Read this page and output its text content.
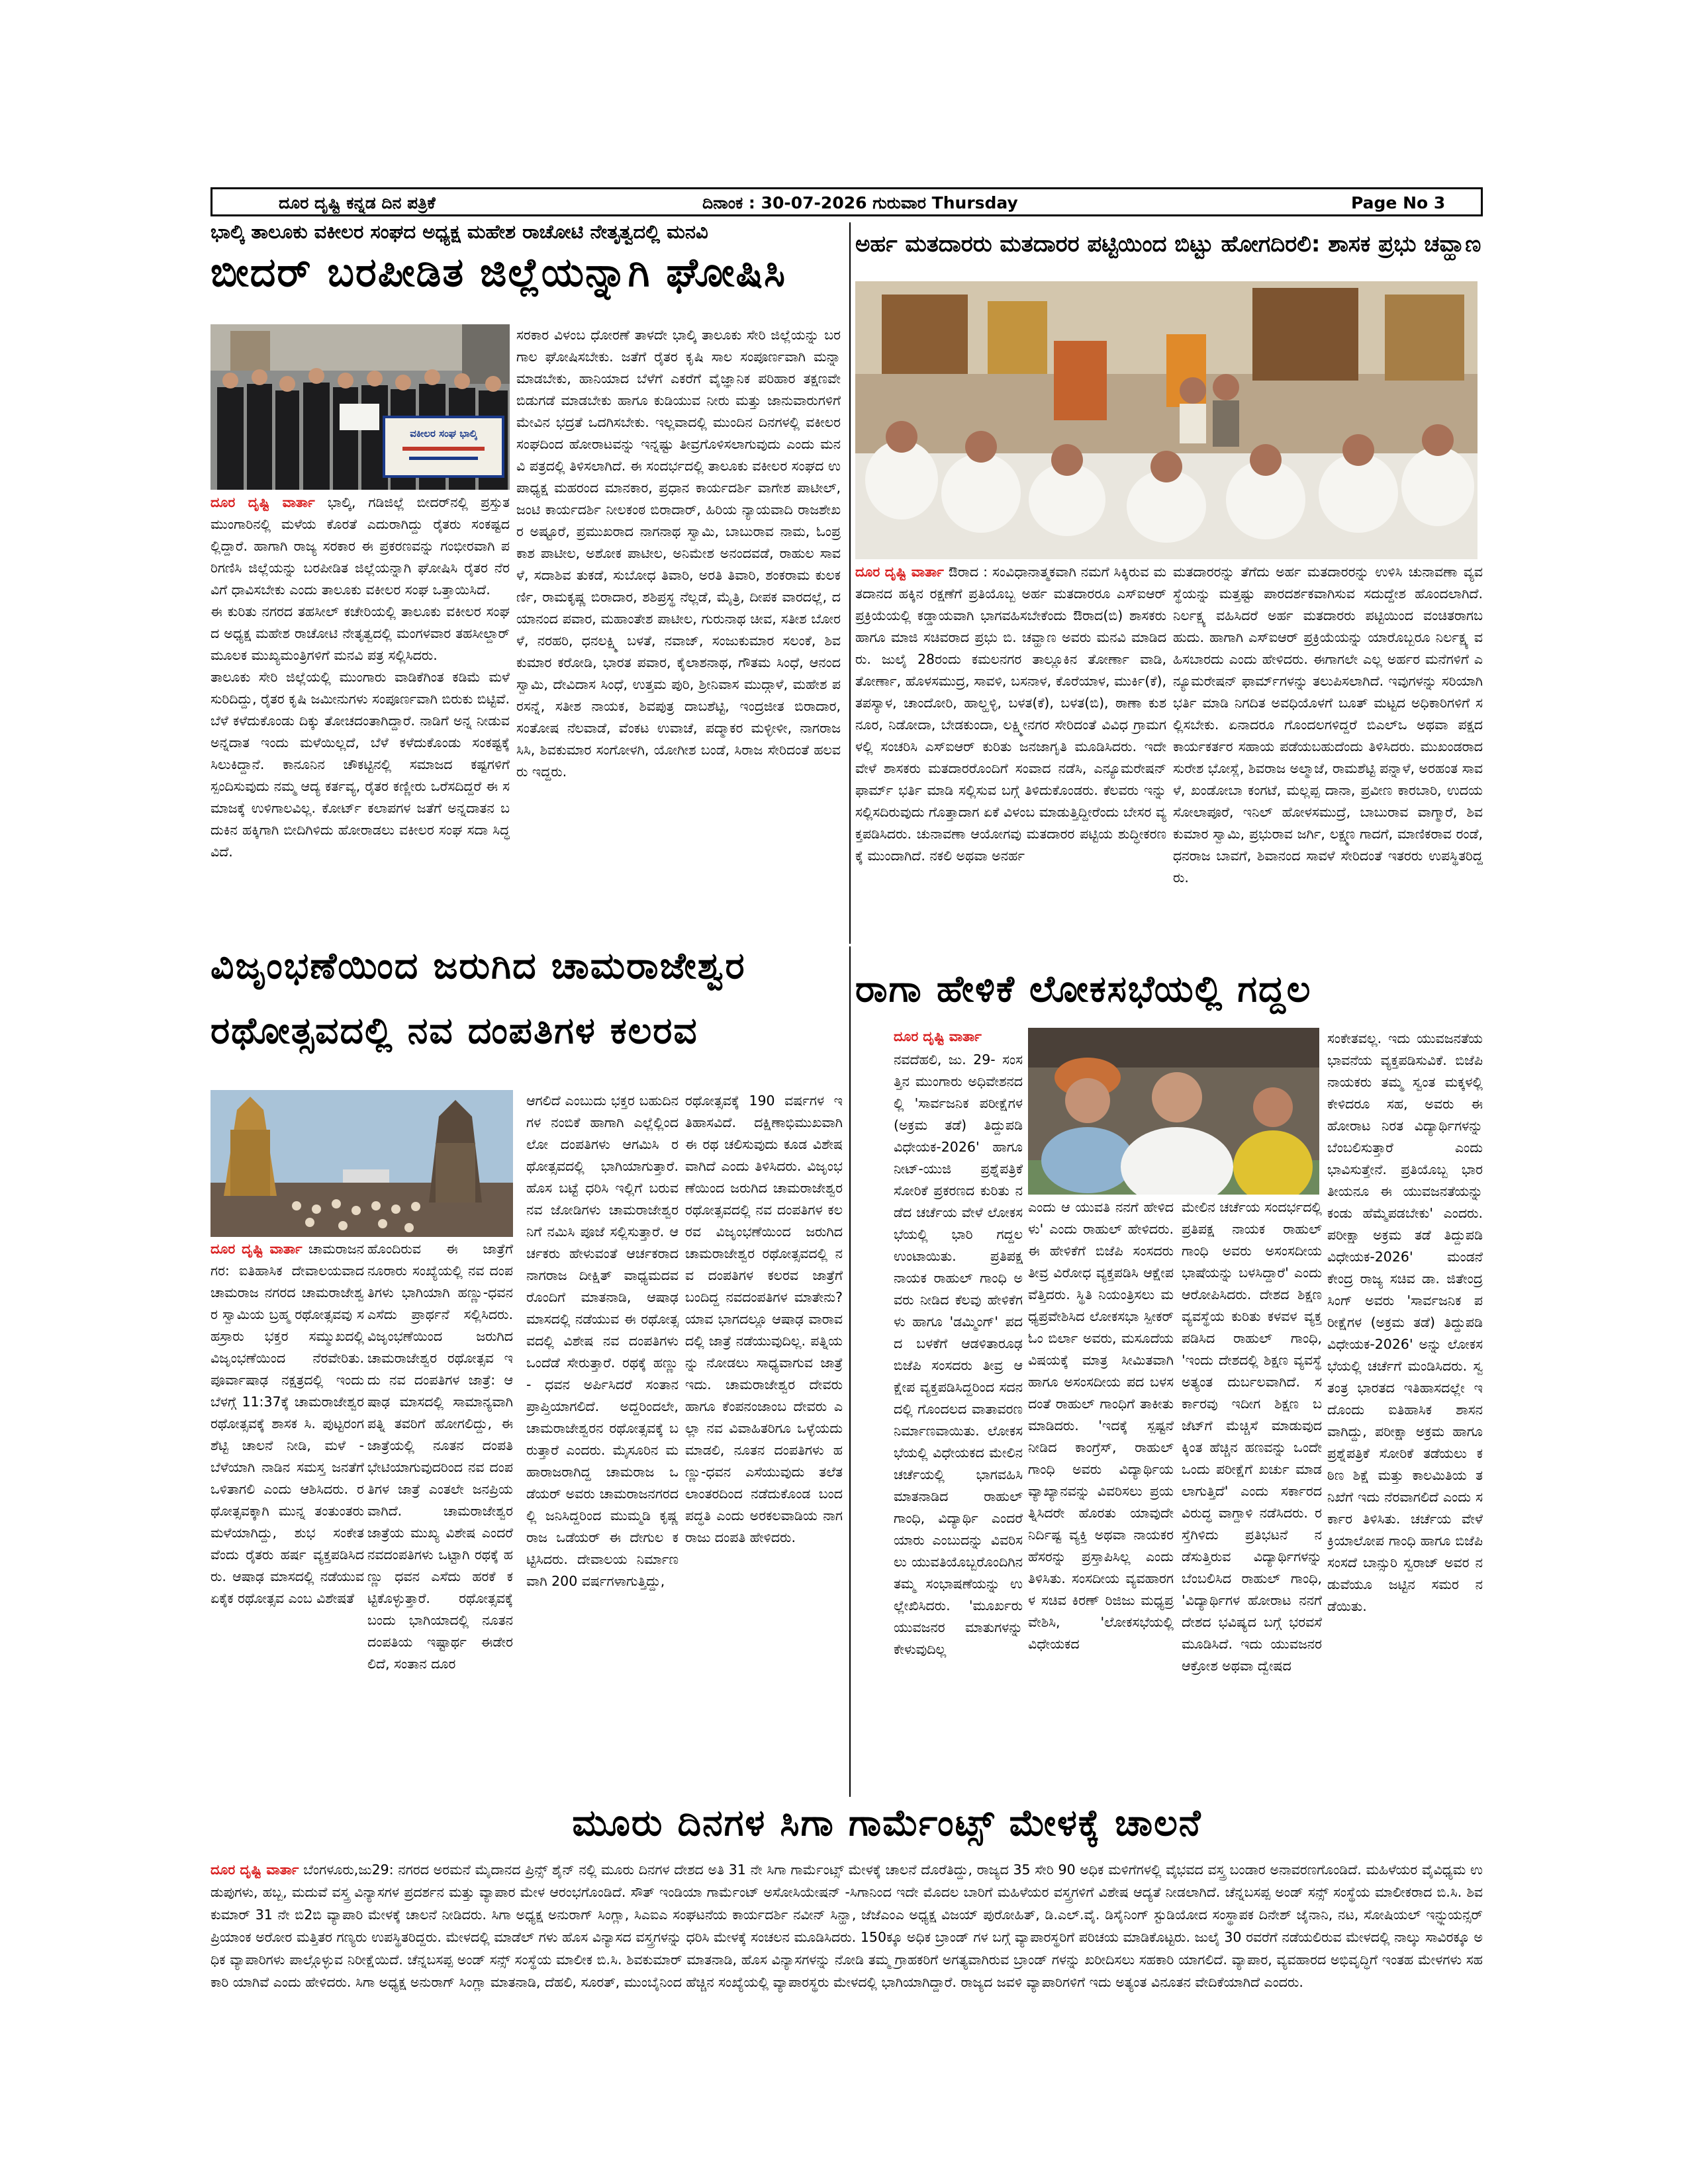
ದೂರ ದೃಷ್ಟಿ ಕನ್ನಡ ದಿನ ಪತ್ರಿಕೆ	ದಿನಾಂಕ : 30-07-2026 ಗುರುವಾರ Thursday	Page No 3
ಭಾಲ್ಕಿ ತಾಲೂಕು ವಕೀಲರ ಸಂಘದ ಅಧ್ಯಕ್ಷ ಮಹೇಶ ರಾಚೋಟಿ ನೇತೃತ್ವದಲ್ಲಿ ಮನವಿ
ಬೀದರ್ ಬರಪೀಡಿತ ಜಿಲ್ಲೆಯನ್ನಾಗಿ ಘೋಷಿಸಿ
ವಕೀಲರ ಸಂಘ ಭಾಲ್ಕಿ

ದೂರ ದೃಷ್ಟಿ ವಾರ್ತಾ ಭಾಲ್ಕಿ, ಗಡಿಜಿಲ್ಲೆ ಬೀದರ್‌ನಲ್ಲಿ ಪ್ರಸ್ತುತ ಮುಂಗಾರಿನಲ್ಲಿ ಮಳೆಯ ಕೊರತೆ ಎದುರಾಗಿದ್ದು ರೈತರು ಸಂಕಷ್ಟದಲ್ಲಿದ್ದಾರೆ. ಹಾಗಾಗಿ ರಾಜ್ಯ ಸರಕಾರ ಈ ಪ್ರಕರಣವನ್ನು ಗಂಭೀರವಾಗಿ ಪರಿಗಣಿಸಿ ಜಿಲ್ಲೆಯನ್ನು ಬರಪೀಡಿತ ಜಿಲ್ಲೆಯನ್ನಾಗಿ ಘೋಷಿಸಿ ರೈತರ ನೆರವಿಗೆ ಧಾವಿಸಬೇಕು ಎಂದು ತಾಲೂಕು ವಕೀಲರ ಸಂಘ ಒತ್ತಾಯಿಸಿದೆ.

ಈ ಕುರಿತು ನಗರದ ತಹಸೀಲ್ ಕಚೇರಿಯಲ್ಲಿ ತಾಲೂಕು ವಕೀಲರ ಸಂಘದ ಅಧ್ಯಕ್ಷ ಮಹೇಶ ರಾಚೋಟಿ ನೇತೃತ್ವದಲ್ಲಿ ಮಂಗಳವಾರ ತಹಸೀಲ್ದಾರ್ ಮೂಲಕ ಮುಖ್ಯಮಂತ್ರಿಗಳಿಗೆ ಮನವಿ ಪತ್ರ ಸಲ್ಲಿಸಿದರು.

ತಾಲೂಕು ಸೇರಿ ಜಿಲ್ಲೆಯಲ್ಲಿ ಮುಂಗಾರು ವಾಡಿಕೆಗಿಂತ ಕಡಿಮೆ ಮಳೆ ಸುರಿದಿದ್ದು, ರೈತರ ಕೃಷಿ ಜಮೀನುಗಳು ಸಂಪೂರ್ಣವಾಗಿ ಬಿರುಕು ಬಿಟ್ಟಿವೆ. ಬೆಳೆ ಕಳೆದುಕೊಂಡು ದಿಕ್ಕು ತೋಚದಂತಾಗಿದ್ದಾರೆ. ನಾಡಿಗೆ ಅನ್ನ ನೀಡುವ ಅನ್ನದಾತ ಇಂದು ಮಳೆಯಿಲ್ಲದೆ, ಬೆಳೆ ಕಳೆದುಕೊಂಡು ಸಂಕಷ್ಟಕ್ಕೆ ಸಿಲುಕಿದ್ದಾನೆ. ಕಾನೂನಿನ ಚೌಕಟ್ಟಿನಲ್ಲಿ ಸಮಾಜದ ಕಷ್ಟಗಳಿಗೆ ಸ್ಪಂದಿಸುವುದು ನಮ್ಮ ಆದ್ಯ ಕರ್ತವ್ಯ, ರೈತರ ಕಣ್ಣೀರು ಒರೆಸದಿದ್ದರೆ ಈ ಸಮಾಜಕ್ಕೆ ಉಳಿಗಾಲವಿಲ್ಲ. ಕೋರ್ಟ್ ಕಲಾಪಗಳ ಜತೆಗೆ ಅನ್ನದಾತನ ಬದುಕಿನ ಹಕ್ಕಿಗಾಗಿ ಬೀದಿಗಿಳಿದು ಹೋರಾಡಲು ವಕೀಲರ ಸಂಘ ಸದಾ ಸಿದ್ಧವಿದೆ.

ಸರಕಾರ ವಿಳಂಬ ಧೋರಣೆ ತಾಳದೇ ಭಾಲ್ಕಿ ತಾಲೂಕು ಸೇರಿ ಜಿಲ್ಲೆಯನ್ನು ಬರಗಾಲ ಘೋಷಿಸಬೇಕು. ಜತೆಗೆ ರೈತರ ಕೃಷಿ ಸಾಲ ಸಂಪೂರ್ಣವಾಗಿ ಮನ್ನಾ ಮಾಡಬೇಕು, ಹಾನಿಯಾದ ಬೆಳೆಗೆ ಎಕರೆಗೆ ವೈಜ್ಞಾನಿಕ ಪರಿಹಾರ ತಕ್ಷಣವೇ ಬಿಡುಗಡೆ ಮಾಡಬೇಕು ಹಾಗೂ ಕುಡಿಯುವ ನೀರು ಮತ್ತು ಜಾನುವಾರುಗಳಿಗೆ ಮೇವಿನ ಭದ್ರತೆ ಒದಗಿಸಬೇಕು. ಇಲ್ಲವಾದಲ್ಲಿ ಮುಂದಿನ ದಿನಗಳಲ್ಲಿ ವಕೀಲರ ಸಂಘದಿಂದ ಹೋರಾಟವನ್ನು ಇನ್ನಷ್ಟು ತೀವ್ರಗೊಳಿಸಲಾಗುವುದು ಎಂದು ಮನವಿ ಪತ್ರದಲ್ಲಿ ತಿಳಿಸಲಾಗಿದೆ. ಈ ಸಂದರ್ಭದಲ್ಲಿ ತಾಲೂಕು ವಕೀಲರ ಸಂಘದ ಉಪಾಧ್ಯಕ್ಷ ಮಹರಂದ ಮಾನಕಾರ, ಪ್ರಧಾನ ಕಾರ್ಯದರ್ಶಿ ವಾಗೇಶ ಪಾಟೀಲ್, ಜಂಟಿ ಕಾರ್ಯದರ್ಶಿ ನೀಲಕಂಠ ಬಿರಾದಾರ್, ಹಿರಿಯ ನ್ಯಾಯವಾದಿ ರಾಜಶೇಖರ ಅಷ್ಟೂರೆ, ಪ್ರಮುಖರಾದ ನಾಗನಾಥ ಸ್ವಾಮಿ, ಬಾಬುರಾವ ನಾಮ, ಓಂಪ್ರಕಾಶ ಪಾಟೀಲ, ಅಶೋಕ ಪಾಟೀಲ, ಅನಿಮೇಶ ಅನಂದವಡೆ, ರಾಹುಲ ಸಾವಳೆ, ಸದಾಶಿವ ತುಕಡೆ, ಸುಬೋಧ ತಿವಾರಿ, ಅರತಿ ತಿವಾರಿ, ಶಂಕರಾಮ ಕುಲಕರ್ಣಿ, ರಾಮಕೃಷ್ಣ ಬಿರಾದಾರ, ಶಶಿಪ್ರಸ್ಥ ನೆಲ್ಲಡೆ, ಮೈತ್ರಿ, ದೀಪಕ ವಾರದಲ್ಲೆ, ದಯಾನಂದ ಪವಾರ, ಮಹಾಂತೇಶ ಪಾಟೀಲ, ಗುರುನಾಥ ಚೀವ, ಸತೀಶ ಬೋರಳೆ, ನರಹರಿ, ಧನಲಕ್ಷ್ಮಿ ಬಳತೆ, ನವಾಜ್, ಸಂಜುಕುಮಾರ ಸಲಂಕೆ, ಶಿವಕುಮಾರ ಕರೋಡಿ, ಭಾರತ ಪವಾರ, ಕೈಲಾಶನಾಥ, ಗೌತಮ ಸಿಂಧೆ, ಆನಂದ ಸ್ವಾಮಿ, ದೇವಿದಾಸ ಸಿಂಧೆ, ಉತ್ತಮ ಪುರಿ, ಶ್ರೀನಿವಾಸ ಮುದ್ಗಾಳೆ, ಮಹೇಶ ಪರಸನ್ನೆ, ಸತೀಶ ನಾಯಕ, ಶಿವಪುತ್ರ ದಾಬಶೆಟ್ಟಿ, ಇಂದ್ರಜೀತ ಬಿರಾದಾರ, ಸಂತೋಷ ನೆಲವಾಡೆ, ವೆಂಕಟ ಉವಾಚೆ, ಪದ್ಮಾಕರ ಮಳ್ಳೀಳೀ, ನಾಗರಾಜ ಸಿಸಿ, ಶಿವಕುಮಾರ ಸಂಗೋಳಗಿ, ಯೋಗೀಶ ಬಂಡೆ, ಸಿರಾಜ ಸೇರಿದಂತೆ ಹಲವರು ಇದ್ದರು.
ಅರ್ಹ ಮತದಾರರು ಮತದಾರರ ಪಟ್ಟಿಯಿಂದ ಬಿಟ್ಟು ಹೋಗದಿರಲಿ: ಶಾಸಕ ಪ್ರಭು ಚವ್ಹಾಣ
ದೂರ ದೃಷ್ಟಿ ವಾರ್ತಾ ಔರಾದ : ಸಂವಿಧಾನಾತ್ಮಕವಾಗಿ ನಮಗೆ ಸಿಕ್ಕಿರುವ ಮತದಾನದ ಹಕ್ಕಿನ ರಕ್ಷಣೆಗೆ ಪ್ರತಿಯೊಬ್ಬ ಅರ್ಹ ಮತದಾರರೂ ಎಸ್‌ಐಆರ್ ಪ್ರಕ್ರಿಯೆಯಲ್ಲಿ ಕಡ್ಡಾಯವಾಗಿ ಭಾಗವಹಿಸಬೇಕೆಂದು ಔರಾದ(ಬಿ) ಶಾಸಕರು ಹಾಗೂ ಮಾಜಿ ಸಚಿವರಾದ ಪ್ರಭು ಬಿ. ಚವ್ಹಾಣ ಅವರು ಮನವಿ ಮಾಡಿದರು. ಜುಲೈ 28ರಂದು ಕಮಲನಗರ ತಾಲ್ಲೂಕಿನ ತೋರ್ಣಾ ವಾಡಿ, ತೋರ್ಣಾ, ಹೊಳಸಮುದ್ರ, ಸಾವಳಿ, ಬಸನಾಳ, ಕೊರೆಯಾಳ, ಮುರ್ಕಿ(ಕೆ), ತಪಸ್ಯಾಳ, ಚಾಂದೋರಿ, ಹಾಲ್ಹಳ್ಳಿ, ಬಳತ(ಕೆ), ಬಳತ(ಬಿ), ಠಾಣಾ ಕುಶನೂರ, ನಿಡೋದಾ, ಬೇಡಕುಂದಾ, ಲಕ್ಷ್ಮೀನಗರ ಸೇರಿದಂತೆ ವಿವಿಧ ಗ್ರಾಮಗಳಲ್ಲಿ ಸಂಚರಿಸಿ ಎಸ್‌ಐಆರ್ ಕುರಿತು ಜನಜಾಗೃತಿ ಮೂಡಿಸಿದರು. ಇದೇ ವೇಳೆ ಶಾಸಕರು ಮತದಾರರೊಂದಿಗೆ ಸಂವಾದ ನಡೆಸಿ, ಎನ್ಯೂಮರೇಷನ್ ಫಾರ್ಮ್ ಭರ್ತಿ ಮಾಡಿ ಸಲ್ಲಿಸುವ ಬಗ್ಗೆ ತಿಳಿದುಕೊಂಡರು. ಕೆಲವರು ಇನ್ನು ಸಲ್ಲಿಸದಿರುವುದು ಗೊತ್ತಾದಾಗ ಏಕೆ ವಿಳಂಬ ಮಾಡುತ್ತಿದ್ದೀರೆಂದು ಬೇಸರ ವ್ಯಕ್ತಪಡಿಸಿದರು. ಚುನಾವಣಾ ಆಯೋಗವು ಮತದಾರರ ಪಟ್ಟಿಯ ಶುದ್ಧೀಕರಣಕ್ಕೆ ಮುಂದಾಗಿದೆ. ನಕಲಿ ಅಥವಾ ಅನರ್ಹ
ಮತದಾರರನ್ನು ತೆಗೆದು ಅರ್ಹ ಮತದಾರರನ್ನು ಉಳಿಸಿ ಚುನಾವಣಾ ವ್ಯವಸ್ಥೆಯನ್ನು ಮತ್ತಷ್ಟು ಪಾರದರ್ಶಕವಾಗಿಸುವ ಸದುದ್ದೇಶ ಹೊಂದಲಾಗಿದೆ. ನಿರ್ಲಕ್ಷ್ಯ ವಹಿಸಿದರೆ ಅರ್ಹ ಮತದಾರರು ಪಟ್ಟಿಯಿಂದ ವಂಚಿತರಾಗಬಹುದು. ಹಾಗಾಗಿ ಎಸ್‌ಐಆರ್ ಪ್ರಕ್ರಿಯೆಯನ್ನು ಯಾರೊಬ್ಬರೂ ನಿರ್ಲಕ್ಷ್ಯ ವಹಿಸಬಾರದು ಎಂದು ಹೇಳಿದರು. ಈಗಾಗಲೇ ಎಲ್ಲ ಅರ್ಹರ ಮನೆಗಳಿಗೆ ಎನ್ಯೂಮರೇಷನ್ ಫಾರ್ಮ್‌ಗಳನ್ನು ತಲುಪಿಸಲಾಗಿದೆ. ಇವುಗಳನ್ನು ಸರಿಯಾಗಿ ಭರ್ತಿ ಮಾಡಿ ನಿಗದಿತ ಅವಧಿಯೊಳಗೆ ಬೂತ್ ಮಟ್ಟದ ಅಧಿಕಾರಿಗಳಿಗೆ ಸಲ್ಲಿಸಬೇಕು. ಏನಾದರೂ ಗೊಂದಲಗಳಿದ್ದರೆ ಬಿಎಲ್‌ಒ ಅಥವಾ ಪಕ್ಷದ ಕಾರ್ಯಕರ್ತರ ಸಹಾಯ ಪಡೆಯಬಹುದೆಂದು ತಿಳಿಸಿದರು. ಮುಖಂಡರಾದ ಸುರೇಶ ಭೋಸ್ಲೆ, ಶಿವರಾಜ ಅಲ್ಮಾಜೆ, ರಾಮಶೆಟ್ಟಿ ಪನ್ನಾಳೆ, ಅರಹಂತ ಸಾವಳೆ, ಖಂಡೋಬಾ ಕಂಗಟೆ, ಮಲ್ಲಪ್ಪ ದಾನಾ, ಪ್ರವೀಣ ಕಾರಬಾರಿ, ಉದಯ ಸೋಲಾಪೂರೆ, ಇನಿಲ್ ಹೋಳಸಮುದ್ರೆ, ಬಾಬುರಾವ ವಾಗ್ಮಾರೆ, ಶಿವಕುಮಾರ ಸ್ವಾಮಿ, ಪ್ರಭುರಾವ ಜರ್ಗಿ, ಲಕ್ಷ್ಮಣ ಗಾದಗೆ, ಮಾಣಿಕರಾವ ರಂಡೆ, ಧನರಾಜ ಬಾವಗೆ, ಶಿವಾನಂದ ಸಾವಳೆ ಸೇರಿದಂತೆ ಇತರರು ಉಪಸ್ಥಿತರಿದ್ದರು.
ವಿಜೃಂಭಣೆಯಿಂದ ಜರುಗಿದ ಚಾಮರಾಜೇಶ್ವರ
ರಥೋತ್ಸವದಲ್ಲಿ ನವ ದಂಪತಿಗಳ ಕಲರವ
ದೂರ ದೃಷ್ಟಿ ವಾರ್ತಾ ಚಾಮರಾಜನಗರ: ಐತಿಹಾಸಿಕ ದೇವಾಲಯವಾದ ಚಾಮರಾಜ ನಗರದ ಚಾಮರಾಜೇಶ್ವರ ಸ್ವಾಮಿಯ ಬ್ರಹ್ಮ ರಥೋತ್ಸವವು ಸಹಸ್ರಾರು ಭಕ್ತರ ಸಮ್ಮುಖದಲ್ಲಿ ವಿಜೃಂಭಣೆಯಿಂದ ನೆರವೇರಿತು. ಪೂರ್ವಾಷಾಢ ನಕ್ಷತ್ರದಲ್ಲಿ ಇಂದು ಬೆಳಗ್ಗೆ 11:37ಕ್ಕೆ ಚಾಮರಾಜೇಶ್ವರ ರಥೋತ್ಸವಕ್ಕೆ ಶಾಸಕ ಸಿ. ಪುಟ್ಟರಂಗಶೆಟ್ಟಿ ಚಾಲನೆ ನೀಡಿ, ಮಳೆ - ಬೆಳೆಯಾಗಿ ನಾಡಿನ ಸಮಸ್ತ ಜನತೆಗೆ ಒಳಿತಾಗಲಿ ಎಂದು ಆಶಿಸಿದರು. ರಥೋತ್ಸವಕ್ಕಾಗಿ ಮುನ್ನ ತಂತುಂತರು ಮಳೆಯಾಗಿದ್ದು, ಶುಭ ಸಂಕೇತವೆಂದು ರೈತರು ಹರ್ಷ ವ್ಯಕ್ತಪಡಿಸಿದರು. ಆಷಾಢ ಮಾಸದಲ್ಲಿ ನಡೆಯುವ ಏಕೈಕ ರಥೋತ್ಸವ ಎಂಬ ವಿಶೇಷತೆ
ಹೊಂದಿರುವ ಈ ಜಾತ್ರೆಗೆ ನೂರಾರು ಸಂಖ್ಯೆಯಲ್ಲಿ ನವ ದಂಪತಿಗಳು ಭಾಗಿಯಾಗಿ ಹಣ್ಣು-ಧವನ ಎಸೆದು ಪ್ರಾರ್ಥನೆ ಸಲ್ಲಿಸಿದರು. ವಿಜೃಂಭಣೆಯಿಂದ ಜರುಗಿದ ಚಾಮರಾಜೇಶ್ವರ ರಥೋತ್ಸವ ಇದು ನವ ದಂಪತಿಗಳ ಜಾತ್ರೆ: ಆಷಾಢ ಮಾಸದಲ್ಲಿ ಸಾಮಾನ್ಯವಾಗಿ ಪತ್ನಿ ತವರಿಗೆ ಹೋಗಲಿದ್ದು, ಈ ಜಾತ್ರೆಯಲ್ಲಿ ನೂತನ ದಂಪತಿ ಭೇಟಿಯಾಗುವುದರಿಂದ ನವ ದಂಪತಿಗಳ ಜಾತ್ರೆ ಎಂತಲೇ ಜನಪ್ರಿಯವಾಗಿದೆ. ಚಾಮರಾಜೇಶ್ವರ ಜಾತ್ರೆಯ ಮುಖ್ಯ ವಿಶೇಷ ಎಂದರೆ ನವದಂಪತಿಗಳು ಒಟ್ಟಾಗಿ ರಥಕ್ಕೆ ಹಣ್ಣು ಧವನ ಎಸೆದು ಹರಕೆ ಕಟ್ಟಿಕೊಳ್ಳುತ್ತಾರೆ. ರಥೋತ್ಸವಕ್ಕೆ ಬಂದು ಭಾಗಿಯಾದಲ್ಲಿ ನೂತನ ದಂಪತಿಯ ಇಷ್ಟಾರ್ಥ ಈಡೇರಲಿದೆ, ಸಂತಾನ ದೂರ
ಆಗಲಿದೆ ಎಂಬುದು ಭಕ್ತರ ಬಹುದಿನಗಳ ನಂಬಿಕೆ ಹಾಗಾಗಿ ಎಲ್ಲೆಲ್ಲಿಂದಲೋ ದಂಪತಿಗಳು ಆಗಮಿಸಿ ರಥೋತ್ಸವದಲ್ಲಿ ಭಾಗಿಯಾಗುತ್ತಾರೆ. ಹೊಸ ಬಟ್ಟೆ ಧರಿಸಿ ಇಲ್ಲಿಗೆ ಬರುವ ನವ ಜೋಡಿಗಳು ಚಾಮರಾಜೇಶ್ವರನಿಗೆ ನಮಿಸಿ ಪೂಜೆ ಸಲ್ಲಿಸುತ್ತಾರೆ. ಆರ್ಚಕರು ಹೇಳುವಂತೆ ಆರ್ಚಕರಾದ ನಾಗರಾಜ ದೀಕ್ಷಿತ್ ವಾಧ್ಯಮದವರೊಂದಿಗೆ ಮಾತನಾಡಿ, ಆಷಾಢ ಮಾಸದಲ್ಲಿ ನಡೆಯುವ ಈ ರಥೋತ್ಸವದಲ್ಲಿ ವಿಶೇಷ ನವ ದಂಪತಿಗಳು ಒಂದೆಡೆ ಸೇರುತ್ತಾರೆ. ರಥಕ್ಕೆ ಹಣ್ಣು - ಧವನ ಅರ್ಪಿಸಿದರೆ ಸಂತಾನ ಪ್ರಾಪ್ತಿಯಾಗಲಿದೆ. ಅದ್ದರಿಂದಲೇ, ಚಾಮರಾಜೇಶ್ವರನ ರಥೋತ್ಸವಕ್ಕೆ ಬರುತ್ತಾರೆ ಎಂದರು. ಮೈಸೂರಿನ ಮಹಾರಾಜರಾಗಿದ್ದ ಚಾಮರಾಜ ಒಡೆಯರ್ ಅವರು ಚಾಮರಾಜನಗರದಲ್ಲಿ ಜನಿಸಿದ್ದರಿಂದ ಮುಮ್ಮಡಿ ಕೃಷ್ಣರಾಜ ಒಡೆಯರ್ ಈ ದೇಗುಲ ಕಟ್ಟಿಸಿದರು. ದೇವಾಲಯ ನಿರ್ಮಾಣವಾಗಿ 200 ವರ್ಷಗಳಾಗುತ್ತಿದ್ದು,
ರಥೋತ್ಸವಕ್ಕೆ 190 ವರ್ಷಗಳ ಇತಿಹಾಸವಿದೆ. ದಕ್ಷಿಣಾಭಿಮುಖವಾಗಿ ಈ ರಥ ಚಲಿಸುವುದು ಕೂಡ ವಿಶೇಷವಾಗಿದೆ ಎಂದು ತಿಳಿಸಿದರು. ವಿಜೃಂಭಣೆಯಿಂದ ಜರುಗಿದ ಚಾಮರಾಜೇಶ್ವರ ರಥೋತ್ಸವದಲ್ಲಿ ನವ ದಂಪತಿಗಳ ಕಲರವ ವಿಜೃಂಭಣೆಯಿಂದ ಜರುಗಿದ ಚಾಮರಾಜೇಶ್ವರ ರಥೋತ್ಸವದಲ್ಲಿ ನವ ದಂಪತಿಗಳ ಕಲರವ ಜಾತ್ರೆಗೆ ಬಂದಿದ್ದ ನವದಂಪತಿಗಳ ಮಾತೇನು? ಯಾವ ಭಾಗದಲ್ಲೂ ಆಷಾಢ ವಾರಾವದಲ್ಲಿ ಜಾತ್ರೆ ನಡೆಯುವುದಿಲ್ಲ. ಪತ್ನಿಯನ್ನು ನೋಡಲು ಸಾಧ್ಯವಾಗುವ ಜಾತ್ರೆ ಇದು. ಚಾಮರಾಜೇಶ್ವರ ದೇವರು ಹಾಗೂ ಕೆಂಪನಂಜಾಂಬ ದೇವರು ಎಲ್ಲಾ ನವ ವಿವಾಹಿತರಿಗೂ ಒಳ್ಳೆಯದು ಮಾಡಲಿ, ನೂತನ ದಂಪತಿಗಳು ಹಣ್ಣು-ಧವನ ಎಸೆಯುವುದು ತಲೆತಲಾಂತರದಿಂದ ನಡೆದುಕೊಂಡ ಬಂದ ಪದ್ಧತಿ ಎಂದು ಅರಕಲವಾಡಿಯ ನಾಗರಾಜು ದಂಪತಿ ಹೇಳಿದರು.
ರಾಗಾ ಹೇಳಿಕೆ ಲೋಕಸಭೆಯಲ್ಲಿ ಗದ್ದಲ
ದೂರ ದೃಷ್ಟಿ ವಾರ್ತಾ
ನವದೆಹಲಿ, ಜು. 29- ಸಂಸತ್ತಿನ ಮುಂಗಾರು ಅಧಿವೇಶನದಲ್ಲಿ 'ಸಾರ್ವಜನಿಕ ಪರೀಕ್ಷೆಗಳ (ಅಕ್ರಮ ತಡೆ) ತಿದ್ದುಪಡಿ ವಿಧೇಯಕ-2026' ಹಾಗೂ ನೀಟ್-ಯುಜಿ ಪ್ರಶ್ನೆಪತ್ರಿಕೆ ಸೋರಿಕೆ ಪ್ರಕರಣದ ಕುರಿತು ನಡೆದ ಚರ್ಚೆಯ ವೇಳೆ ಲೋಕಸಭೆಯಲ್ಲಿ ಭಾರಿ ಗದ್ದಲ ಉಂಟಾಯಿತು. ಪ್ರತಿಪಕ್ಷ ನಾಯಕ ರಾಹುಲ್ ಗಾಂಧಿ ಅವರು ನೀಡಿದ ಕೆಲವು ಹೇಳಿಕೆಗಳು ಹಾಗೂ 'ಡಮ್ಮಿಂಗ್' ಪದದ ಬಳಕೆಗೆ ಆಡಳಿತಾರೂಢ ಬಿಜೆಪಿ ಸಂಸದರು ತೀವ್ರ ಆಕ್ಷೇಪ ವ್ಯಕ್ತಪಡಿಸಿದ್ದರಿಂದ ಸದನದಲ್ಲಿ ಗೊಂದಲದ ವಾತಾವರಣ ನಿರ್ಮಾಣವಾಯಿತು. ಲೋಕಸಭೆಯಲ್ಲಿ ವಿಧೇಯಕದ ಮೇಲಿನ ಚರ್ಚೆಯಲ್ಲಿ ಭಾಗವಹಿಸಿ ಮಾತನಾಡಿದ ರಾಹುಲ್ ಗಾಂಧಿ, ವಿದ್ಯಾರ್ಥಿ ಎಂದರೆ ಯಾರು ಎಂಬುದನ್ನು ವಿವರಿಸಲು ಯುವತಿಯೊಬ್ಬರೊಂದಿಗಿನ ತಮ್ಮ ಸಂಭಾಷಣೆಯನ್ನು ಉಲ್ಲೇಖಿಸಿದರು. 'ಮೂರ್ಖರು ಯುವಜನರ ಮಾತುಗಳನ್ನು ಕೇಳುವುದಿಲ್ಲ
ಎಂದು ಆ ಯುವತಿ ನನಗೆ ಹೇಳಿದಳು' ಎಂದು ರಾಹುಲ್ ಹೇಳಿದರು. ಈ ಹೇಳಿಕೆಗೆ ಬಿಜೆಪಿ ಸಂಸದರು ತೀವ್ರ ವಿರೋಧ ವ್ಯಕ್ತಪಡಿಸಿ ಆಕ್ಷೇಪವೆತ್ತಿದರು. ಸ್ಥಿತಿ ನಿಯಂತ್ರಿಸಲು ಮಧ್ಯಪ್ರವೇಶಿಸಿದ ಲೋಕಸಭಾ ಸ್ಪೀಕರ್ ಓಂ ಬಿರ್ಲಾ ಅವರು, ಮಸೂದೆಯ ವಿಷಯಕ್ಕೆ ಮಾತ್ರ ಸೀಮಿತವಾಗಿ ಹಾಗೂ ಅಸಂಸದೀಯ ಪದ ಬಳಸದಂತೆ ರಾಹುಲ್ ಗಾಂಧಿಗೆ ತಾಕೀತು ಮಾಡಿದರು. 'ಇದಕ್ಕೆ ಸ್ಪಷ್ಟನೆ ನೀಡಿದ ಕಾಂಗ್ರೆಸ್, ರಾಹುಲ್ ಗಾಂಧಿ ಅವರು ವಿದ್ಯಾರ್ಥಿಯ ವ್ಯಾಖ್ಯಾನವನ್ನು ವಿವರಿಸಲು ಪ್ರಯತ್ನಿಸಿದರೇ ಹೊರತು ಯಾವುದೇ ನಿರ್ದಿಷ್ಟ ವ್ಯಕ್ತಿ ಅಥವಾ ನಾಯಕರ ಹೆಸರನ್ನು ಪ್ರಸ್ತಾಪಿಸಿಲ್ಲ ಎಂದು ತಿಳಿಸಿತು. ಸಂಸದೀಯ ವ್ಯವಹಾರಗಳ ಸಚಿವ ಕಿರಣ್ ರಿಜಿಜು ಮಧ್ಯಪ್ರವೇಶಿಸಿ, 'ಲೋಕಸಭೆಯಲ್ಲಿ ವಿಧೇಯಕದ
ಮೇಲಿನ ಚರ್ಚೆಯ ಸಂದರ್ಭದಲ್ಲಿ ಪ್ರತಿಪಕ್ಷ ನಾಯಕ ರಾಹುಲ್ ಗಾಂಧಿ ಅವರು ಅಸಂಸದೀಯ ಭಾಷೆಯನ್ನು ಬಳಸಿದ್ದಾರೆ' ಎಂದು ಆರೋಪಿಸಿದರು. ದೇಶದ ಶಿಕ್ಷಣ ವ್ಯವಸ್ಥೆಯ ಕುರಿತು ಕಳವಳ ವ್ಯಕ್ತಪಡಿಸಿದ ರಾಹುಲ್ ಗಾಂಧಿ, 'ಇಂದು ದೇಶದಲ್ಲಿ ಶಿಕ್ಷಣ ವ್ಯವಸ್ಥೆ ಅತ್ಯಂತ ದುರ್ಬಲವಾಗಿದೆ. ಸರ್ಕಾರವು ಇದೀಗ ಶಿಕ್ಷಣ ಬಜೆಟ್‌ಗೆ ಮೆಚ್ಚಿಸೆ ಮಾಡುವುದಕ್ಕಿಂತ ಹೆಚ್ಚಿನ ಹಣವನ್ನು ಒಂದೇ ಒಂದು ಪರೀಕ್ಷೆಗೆ ಖರ್ಚು ಮಾಡಲಾಗುತ್ತಿದೆ' ಎಂದು ಸರ್ಕಾರದ ವಿರುದ್ಧ ವಾಗ್ದಾಳಿ ನಡೆಸಿದರು. ರಸ್ತೆಗಿಳಿದು ಪ್ರತಿಭಟನೆ ನಡೆಸುತ್ತಿರುವ ವಿದ್ಯಾರ್ಥಿಗಳನ್ನು ಬೆಂಬಲಿಸಿದ ರಾಹುಲ್ ಗಾಂಧಿ, 'ವಿದ್ಯಾರ್ಥಿಗಳ ಹೋರಾಟ ನನಗೆ ದೇಶದ ಭವಿಷ್ಯದ ಬಗ್ಗೆ ಭರವಸೆ ಮೂಡಿಸಿದೆ. ಇದು ಯುವಜನರ ಆಕ್ರೋಶ ಅಥವಾ ದ್ವೇಷದ
ಸಂಕೇತವಲ್ಲ. ಇದು ಯುವಜನತೆಯ ಭಾವನೆಯ ವ್ಯಕ್ತಪಡಿಸುವಿಕೆ. ಬಿಜೆಪಿ ನಾಯಕರು ತಮ್ಮ ಸ್ವಂತ ಮಕ್ಕಳಲ್ಲಿ ಕೇಳಿದರೂ ಸಹ, ಅವರು ಈ ಹೋರಾಟ ನಿರತ ವಿದ್ಯಾರ್ಥಿಗಳನ್ನು ಬೆಂಬಲಿಸುತ್ತಾರೆ ಎಂದು ಭಾವಿಸುತ್ತೇನೆ. ಪ್ರತಿಯೊಬ್ಬ ಭಾರತೀಯನೂ ಈ ಯುವಜನತೆಯನ್ನು ಕಂಡು ಹೆಮ್ಮೆಪಡಬೇಕು' ಎಂದರು. ಪರೀಕ್ಷಾ ಅಕ್ರಮ ತಡೆ ತಿದ್ದುಪಡಿ ವಿಧೇಯಕ-2026' ಮಂಡನೆ ಕೇಂದ್ರ ರಾಜ್ಯ ಸಚಿವ ಡಾ. ಜಿತೇಂದ್ರ ಸಿಂಗ್ ಅವರು 'ಸಾರ್ವಜನಿಕ ಪರೀಕ್ಷೆಗಳ (ಅಕ್ರಮ ತಡೆ) ತಿದ್ದುಪಡಿ ವಿಧೇಯಕ-2026' ಅನ್ನು ಲೋಕಸಭೆಯಲ್ಲಿ ಚರ್ಚೆಗೆ ಮಂಡಿಸಿದರು. ಸ್ವತಂತ್ರ ಭಾರತದ ಇತಿಹಾಸದಲ್ಲೇ ಇದೊಂದು ಐತಿಹಾಸಿಕ ಶಾಸನವಾಗಿದ್ದು, ಪರೀಕ್ಷಾ ಅಕ್ರಮ ಹಾಗೂ ಪ್ರಶ್ನೆಪತ್ರಿಕೆ ಸೋರಿಕೆ ತಡೆಯಲು ಕಠಿಣ ಶಿಕ್ಷೆ ಮತ್ತು ಕಾಲಮಿತಿಯ ತನಿಖೆಗೆ ಇದು ನೆರವಾಗಲಿದೆ ಎಂದು ಸರ್ಕಾರ ತಿಳಿಸಿತು. ಚರ್ಚೆಯ ವೇಳೆ ಕ್ರಿಯಾಲೋಪ ಗಾಂಧಿ ಹಾಗೂ ಬಿಜೆಪಿ ಸಂಸದೆ ಬಾನ್ಸುರಿ ಸ್ವರಾಜ್ ಅವರ ನಡುವೆಯೂ ಜಟ್ಟಿನ ಸಮರ ನಡೆಯಿತು.
ಮೂರು ದಿನಗಳ ಸಿಗಾ ಗಾರ್ಮೆಂಟ್ಸ್ ಮೇಳಕ್ಕೆ ಚಾಲನೆ
ದೂರ ದೃಷ್ಟಿ ವಾರ್ತಾ ಬೆಂಗಳೂರು,ಜು29: ನಗರದ ಅರಮನೆ ಮೈದಾನದ ಪ್ರಿನ್ಸ್ ಶೈನ್ ನಲ್ಲಿ ಮೂರು ದಿನಗಳ ದೇಶದ ಅತಿ 31 ನೇ ಸಿಗಾ ಗಾರ್ಮೆಂಟ್ಸ್ ಮೇಳಕ್ಕೆ ಚಾಲನೆ ದೊರೆತಿದ್ದು, ರಾಜ್ಯದ 35 ಸೇರಿ 90 ಅಧಿಕ ಮಳಿಗೆಗಳಲ್ಲಿ ವೈಭವದ ವಸ್ತ್ರ ಬಂಡಾರ ಅನಾವರಣಗೊಂಡಿದೆ. ಮಹಿಳೆಯರ ವೈವಿಧ್ಯಮ ಉಡುಪುಗಳು, ಹಬ್ಬ, ಮದುವೆ ವಸ್ತ್ರ ವಿನ್ಯಾಸಗಳ ಪ್ರದರ್ಶನ ಮತ್ತು ವ್ಯಾಪಾರ ಮೇಳ ಆರಂಭಗೊಂಡಿದೆ. ಸೌತ್ ಇಂಡಿಯಾ ಗಾರ್ಮೆಂಟ್ ಅಸೋಸಿಯೇಷನ್ -ಸಿಗಾನಿಂದ ಇದೇ ಮೊದಲ ಬಾರಿಗೆ ಮಹಿಳೆಯರ ವಸ್ತ್ರಗಳಿಗೆ ವಿಶೇಷ ಆದ್ಯತೆ ನೀಡಲಾಗಿದೆ. ಚೆನ್ನಬಸಪ್ಪ ಅಂಡ್ ಸನ್ಸ್ ಸಂಸ್ಥೆಯ ಮಾಲೀಕರಾದ ಬಿ.ಸಿ. ಶಿವಕುಮಾರ್ 31 ನೇ ಬಿ2ಬಿ ವ್ಯಾಪಾರಿ ಮೇಳಕ್ಕೆ ಚಾಲನೆ ನೀಡಿದರು. ಸಿಗಾ ಅಧ್ಯಕ್ಷ ಅನುರಾಗ್ ಸಿಂಗ್ಲಾ, ಸಿಎಐಎ ಸಂಘಟನೆಯ ಕಾರ್ಯದರ್ಶಿ ನವೀನ್ ಸಿನ್ಹಾ, ಜೆಜೆಎಂಎ ಅಧ್ಯಕ್ಷ ವಿಜಯ್ ಪುರೋಹಿತ್, ಡಿ.ಎಲ್.ವೈ. ಡಿಸೈನಿಂಗ್ ಸ್ಟುಡಿಯೋದ ಸಂಸ್ಥಾಪಕ ದಿನೇಶ್ ಜೈನಾನಿ, ನಟ, ಸೋಷಿಯಲ್ ಇನ್ಫ್ಲುಯನ್ಸರ್ ಪ್ರಿಯಾಂಕ ಅರೋರ ಮತ್ತಿತರ ಗಣ್ಯರು ಉಪಸ್ಥಿತರಿದ್ದರು. ಮೇಳದಲ್ಲಿ ಮಾಡೆಲ್ ಗಳು ಹೊಸ ವಿನ್ಯಾಸದ ವಸ್ತ್ರಗಳನ್ನು ಧರಿಸಿ ಮೇಳಕ್ಕೆ ಸಂಚಲನ ಮೂಡಿಸಿದರು. 150ಕ್ಕೂ ಅಧಿಕ ಬ್ರಾಂಡ್ ಗಳ ಬಗ್ಗೆ ವ್ಯಾಪಾರಸ್ಥರಿಗೆ ಪರಿಚಯ ಮಾಡಿಕೊಟ್ಟರು. ಜುಲೈ 30 ರವರೆಗೆ ನಡೆಯಲಿರುವ ಮೇಳದಲ್ಲಿ ನಾಲ್ಕು ಸಾವಿರಕ್ಕೂ ಅಧಿಕ ವ್ಯಾಪಾರಿಗಳು ಪಾಲ್ಗೊಳ್ಳುವ ನಿರೀಕ್ಷೆಯಿದೆ. ಚೆನ್ನಬಸಪ್ಪ ಅಂಡ್ ಸನ್ಸ್ ಸಂಸ್ಥೆಯ ಮಾಲೀಕ ಬಿ.ಸಿ. ಶಿವಕುಮಾರ್ ಮಾತನಾಡಿ, ಹೊಸ ವಿನ್ಯಾಸಗಳನ್ನು ನೋಡಿ ತಮ್ಮ ಗ್ರಾಹಕರಿಗೆ ಅಗತ್ಯವಾಗಿರುವ ಬ್ರಾಂಡ್ ಗಳನ್ನು ಖರೀದಿಸಲು ಸಹಕಾರಿ ಯಾಗಲಿದೆ. ವ್ಯಾಪಾರ, ವ್ಯವಹಾರದ ಅಭಿವೃದ್ಧಿಗೆ ಇಂತಹ ಮೇಳಗಳು ಸಹಕಾರಿ ಯಾಗಿವೆ ಎಂದು ಹೇಳಿದರು. ಸಿಗಾ ಅಧ್ಯಕ್ಷ ಅನುರಾಗ್ ಸಿಂಗ್ಲಾ ಮಾತನಾಡಿ, ದೆಹಲಿ, ಸೂರತ್, ಮುಂಬೈನಿಂದ ಹೆಚ್ಚಿನ ಸಂಖ್ಯೆಯಲ್ಲಿ ವ್ಯಾಪಾರಸ್ಥರು ಮೇಳದಲ್ಲಿ ಭಾಗಿಯಾಗಿದ್ದಾರೆ. ರಾಜ್ಯದ ಜವಳಿ ವ್ಯಾಪಾರಿಗಳಿಗೆ ಇದು ಅತ್ಯಂತ ವಿನೂತನ ವೇದಿಕೆಯಾಗಿದೆ ಎಂದರು.
